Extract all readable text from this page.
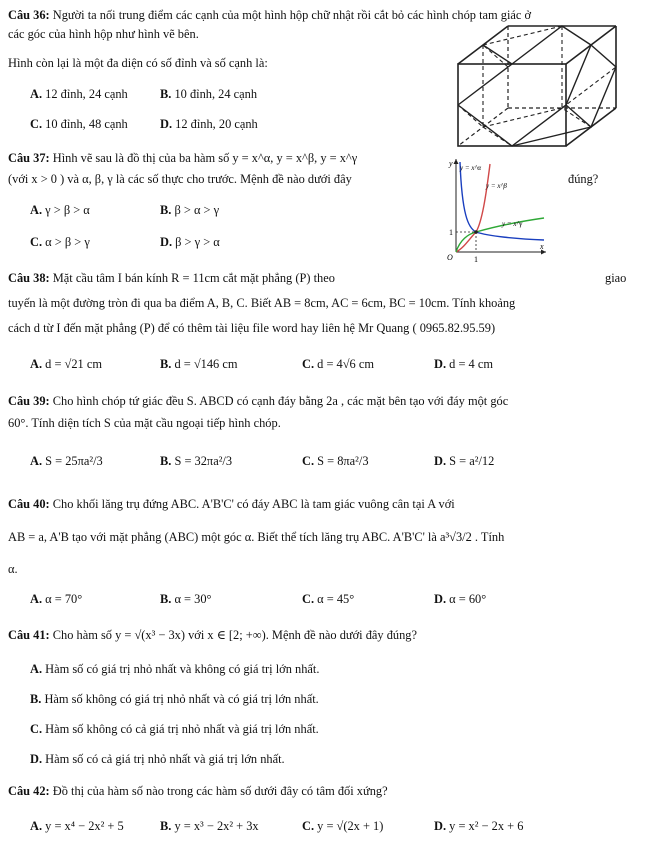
Câu 36: Người ta nối trung điểm các cạnh của một hình hộp chữ nhật rồi cắt bỏ các hình chóp tam giác ở
các góc của hình hộp như hình vẽ bên.
Hình còn lại là một đa diện có số đỉnh và số cạnh là:
A. 12 đỉnh, 24 cạnh	B. 10 đỉnh, 24 cạnh
C. 10 đỉnh, 48 cạnh	D. 12 đỉnh, 20 cạnh
Câu 37: Hình vẽ sau là đồ thị của ba hàm số y = x^α, y = x^β, y = x^γ
(với x > 0 ) và α, β, γ là các số thực cho trước. Mệnh đề nào dưới đây	đúng?
A. γ > β > α	B. β > α > γ
C. α > β > γ	D. β > γ > α
y
x
O	1
1
y = x^α
y = x^β
y = x^γ
Câu 38: Mặt cầu tâm I bán kính R = 11cm cắt mặt phẳng (P) theo	giao
tuyến là một đường tròn đi qua ba điểm A, B, C. Biết AB = 8cm, AC = 6cm, BC = 10cm. Tính khoảng
cách d từ I đến mặt phẳng (P) để có thêm tài liệu file word hay liên hệ Mr Quang ( 0965.82.95.59)
A. d = √21 cm	B. d = √146 cm	C. d = 4√6 cm	D. d = 4 cm
Câu 39: Cho hình chóp tứ giác đều S. ABCD có cạnh đáy bằng 2a , các mặt bên tạo với đáy một góc
60°. Tính diện tích S của mặt cầu ngoại tiếp hình chóp.
A. S = 25πa²/3	B. S = 32πa²/3	C. S = 8πa²/3	D. S = a²/12
Câu 40: Cho khối lăng trụ đứng ABC. A'B'C' có đáy ABC là tam giác vuông cân tại A với
AB = a, A'B tạo với mặt phẳng (ABC) một góc α. Biết thể tích lăng trụ ABC. A'B'C' là a³√3/2 . Tính
α.
A. α = 70°	B. α = 30°	C. α = 45°	D. α = 60°
Câu 41: Cho hàm số y = √(x³ − 3x) với x ∈ [2; +∞). Mệnh đề nào dưới đây đúng?
A. Hàm số có giá trị nhỏ nhất và không có giá trị lớn nhất.
B. Hàm số không có giá trị nhỏ nhất và có giá trị lớn nhất.
C. Hàm số không có cả giá trị nhỏ nhất và giá trị lớn nhất.
D. Hàm số có cả giá trị nhỏ nhất và giá trị lớn nhất.
Câu 42: Đồ thị của hàm số nào trong các hàm số dưới đây có tâm đối xứng?
A. y = x⁴ − 2x² + 5	B. y = x³ − 2x² + 3x	C. y = √(2x + 1)	D. y = x² − 2x + 6
